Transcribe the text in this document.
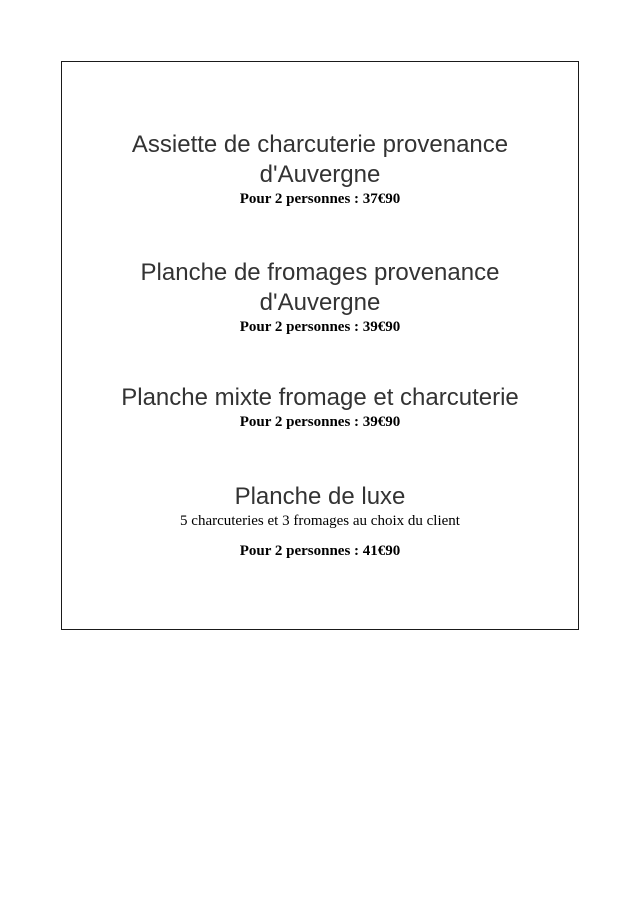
Assiette de charcuterie provenance
d'Auvergne
Pour 2 personnes : 37€90
Planche de fromages provenance
d'Auvergne
Pour 2 personnes : 39€90
Planche mixte fromage et charcuterie
Pour 2 personnes : 39€90
Planche de luxe
5 charcuteries et 3 fromages au choix du client
Pour 2 personnes : 41€90
